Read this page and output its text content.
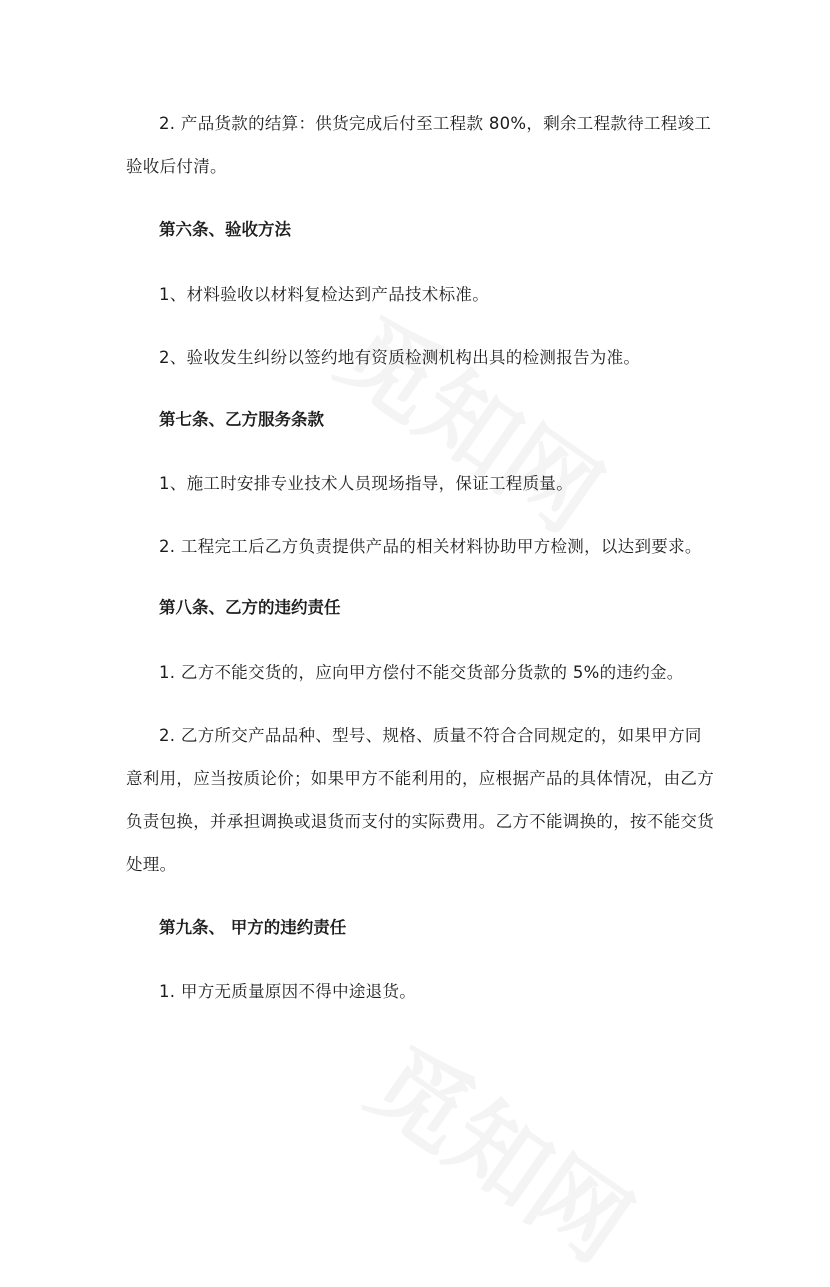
2. 产品货款的结算：供货完成后付至工程款 80%，剩余工程款待工程竣工验收后付清。

第六条、验收方法

1、材料验收以材料复检达到产品技术标准。

2、验收发生纠纷以签约地有资质检测机构出具的检测报告为准。

第七条、乙方服务条款

1、施工时安排专业技术人员现场指导，保证工程质量。

2. 工程完工后乙方负责提供产品的相关材料协助甲方检测，以达到要求。

第八条、乙方的违约责任

1. 乙方不能交货的，应向甲方偿付不能交货部分货款的 5%的违约金。

2. 乙方所交产品品种、型号、规格、质量不符合合同规定的，如果甲方同意利用，应当按质论价；如果甲方不能利用的，应根据产品的具体情况，由乙方负责包换，并承担调换或退货而支付的实际费用。乙方不能调换的，按不能交货处理。

第九条、 甲方的违约责任

1. 甲方无质量原因不得中途退货。
